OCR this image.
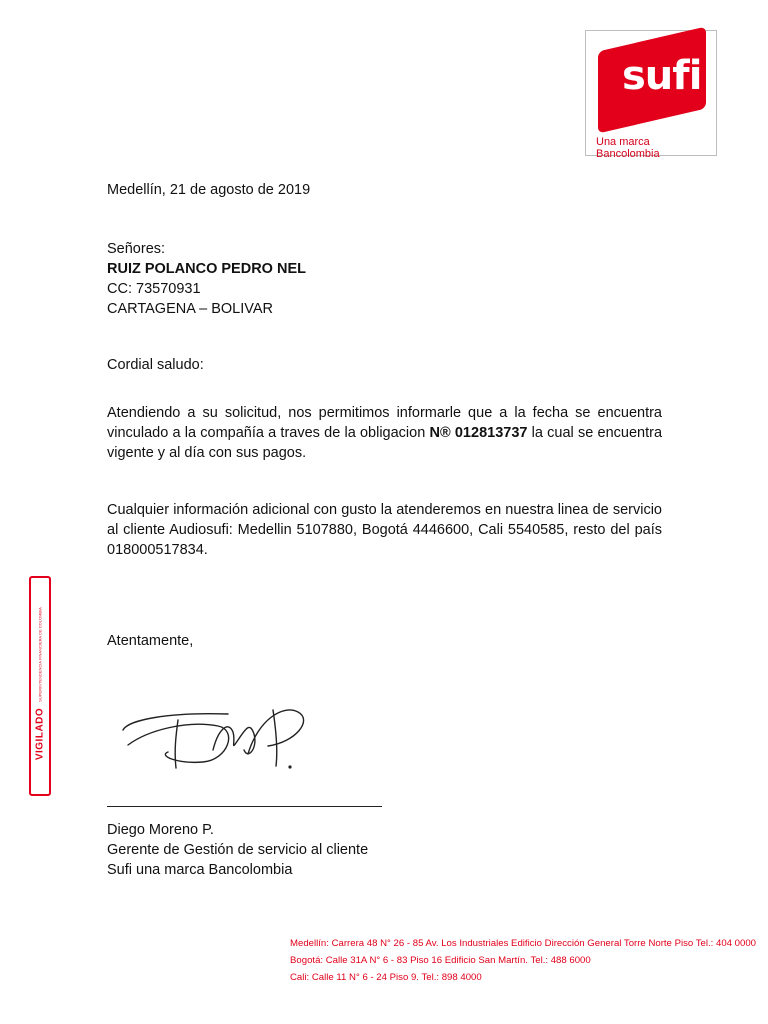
sufi
Una marca Bancolombia
Medellín, 21 de agosto de 2019
Señores:
RUIZ POLANCO PEDRO NEL
CC: 73570931
CARTAGENA – BOLIVAR
Cordial saludo:
Atendiendo a su solicitud, nos permitimos informarle que a la fecha se encuentra vinculado a la compañía a traves de la obligacion N® 012813737 la cual se encuentra vigente y al día con sus pagos.
Cualquier información adicional con gusto la atenderemos en nuestra linea de servicio al cliente Audiosufi: Medellin 5107880, Bogotá 4446600, Cali 5540585, resto del país 018000517834.
Atentamente,
Diego Moreno P.
Gerente de Gestión de servicio al cliente
Sufi una marca Bancolombia
VIGILADO
SUPERINTENDENCIA FINANCIERA DE COLOMBIA
Medellín: Carrera 48 N° 26 - 85 Av. Los Industriales Edificio Dirección General Torre Norte Piso Tel.: 404 0000
Bogotá: Calle 31A N° 6 - 83 Piso 16 Edificio San Martín. Tel.: 488 6000
Cali: Calle 11 N° 6 - 24 Piso 9. Tel.: 898 4000
